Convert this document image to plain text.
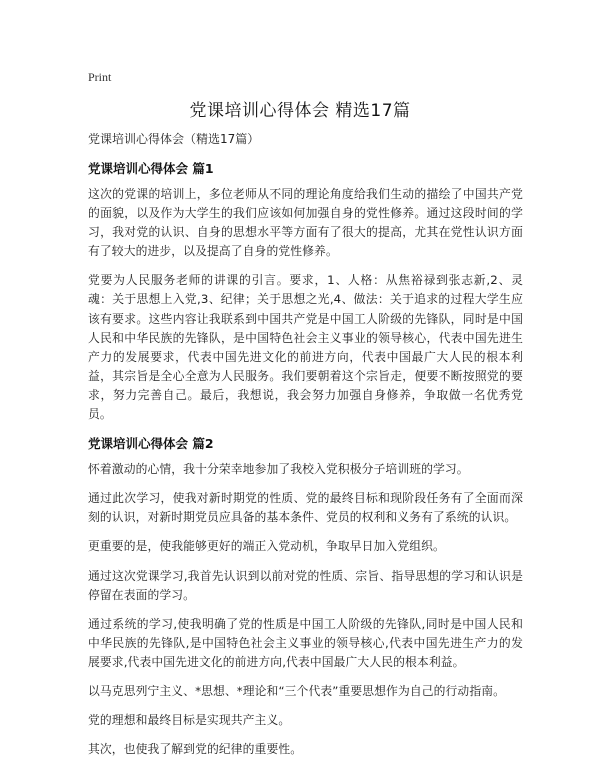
Print
党课培训心得体会 精选17篇

党课培训心得体会（精选17篇）

党课培训心得体会 篇1

这次的党课的培训上，多位老师从不同的理论角度给我们生动的描绘了中国共产党的面貌，以及作为大学生的我们应该如何加强自身的党性修养。通过这段时间的学习，我对党的认识、自身的思想水平等方面有了很大的提高，尤其在党性认识方面有了较大的进步，以及提高了自身的党性修养。

党要为人民服务老师的讲课的引言。要求，1、人格：从焦裕禄到张志新,2、灵魂：关于思想上入党,3、纪律；关于思想之光,4、做法：关于追求的过程大学生应该有要求。这些内容让我联系到中国共产党是中国工人阶级的先锋队，同时是中国人民和中华民族的先锋队，是中国特色社会主义事业的领导核心，代表中国先进生产力的发展要求，代表中国先进文化的前进方向，代表中国最广大人民的根本利益，其宗旨是全心全意为人民服务。我们要朝着这个宗旨走，便要不断按照党的要求，努力完善自己。最后，我想说，我会努力加强自身修养，争取做一名优秀党员。

党课培训心得体会 篇2

怀着激动的心情，我十分荣幸地参加了我校入党积极分子培训班的学习。

通过此次学习，使我对新时期党的性质、党的最终目标和现阶段任务有了全面而深刻的认识，对新时期党员应具备的基本条件、党员的权利和义务有了系统的认识。

更重要的是，使我能够更好的端正入党动机，争取早日加入党组织。

通过这次党课学习,我首先认识到以前对党的性质、宗旨、指导思想的学习和认识是停留在表面的学习。

通过系统的学习,使我明确了党的性质是中国工人阶级的先锋队,同时是中国人民和中华民族的先锋队,是中国特色社会主义事业的领导核心,代表中国先进生产力的发展要求,代表中国先进文化的前进方向,代表中国最广大人民的根本利益。

以马克思列宁主义、*思想、*理论和“三个代表”重要思想作为自己的行动指南。

党的理想和最终目标是实现共产主义。

其次，也使我了解到党的纪律的重要性。
